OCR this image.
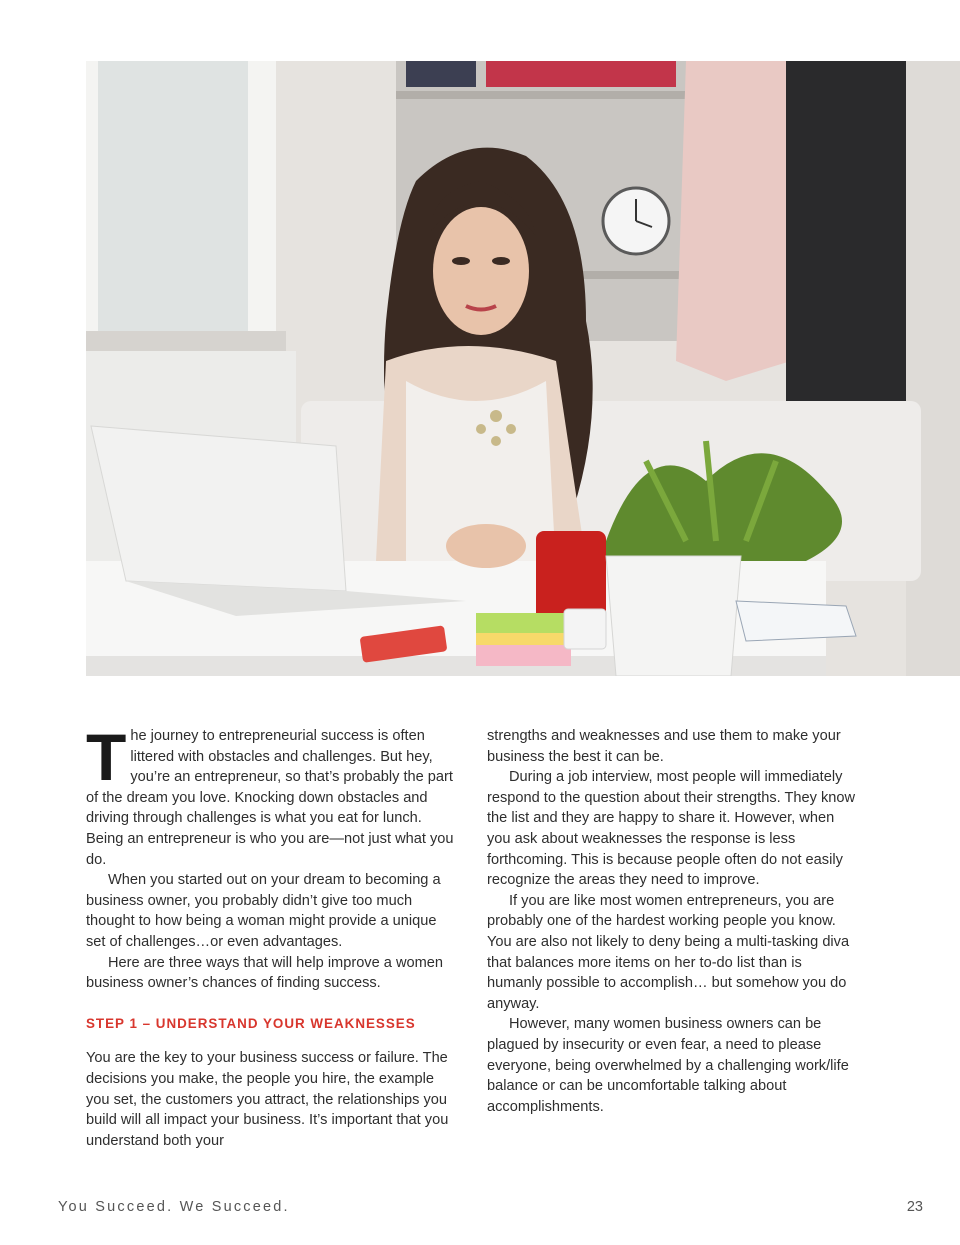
T he journey to entrepreneurial success is often littered with obstacles and challenges. But hey, you’re an entrepreneur, so that’s probably the part of the dream you love. Knocking down obstacles and driving through challenges is what you eat for lunch. Being an entrepreneur is who you are—not just what you do.

When you started out on your dream to becoming a business owner, you probably didn’t give too much thought to how being a woman might provide a unique set of challenges…or even advantages.

Here are three ways that will help improve a women business owner’s chances of finding success.

STEP 1 – UNDERSTAND YOUR WEAKNESSES

You are the key to your business success or failure. The decisions you make, the people you hire, the example you set, the customers you attract, the relationships you build will all impact your business. It’s important that you understand both your

strengths and weaknesses and use them to make your business the best it can be.

During a job interview, most people will immediately respond to the question about their strengths. They know the list and they are happy to share it. However, when you ask about weaknesses the response is less forthcoming. This is because people often do not easily recognize the areas they need to improve.

If you are like most women entrepreneurs, you are probably one of the hardest working people you know. You are also not likely to deny being a multi-tasking diva that balances more items on her to-do list than is humanly possible to accomplish… but somehow you do anyway.

However, many women business owners can be plagued by insecurity or even fear, a need to please everyone, being overwhelmed by a challenging work/life balance or can be uncomfortable talking about accomplishments.

You Succeed. We Succeed.	23
